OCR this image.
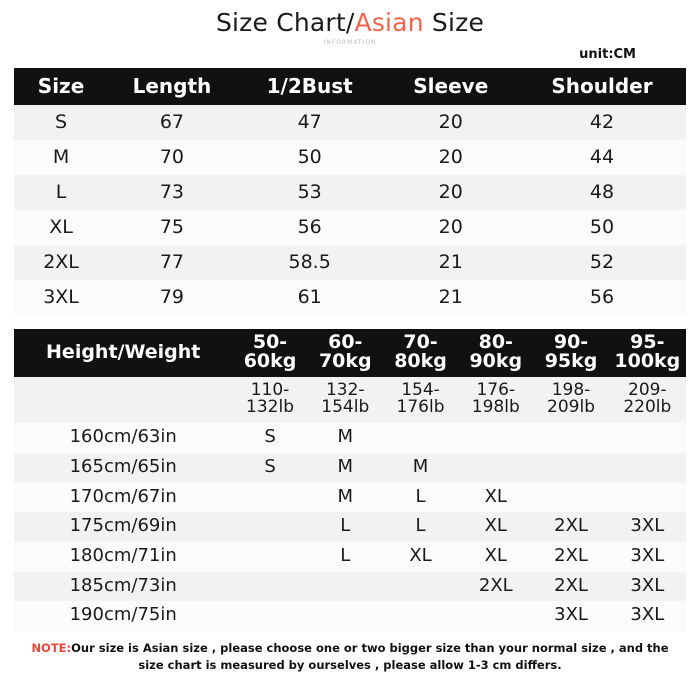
Size Chart/Asian Size
INFORMATION
unit:CM
Size	Length	1/2Bust	Sleeve	Shoulder
S	67	47	20	42
M	70	50	20	44
L	73	53	20	48
XL	75	56	20	50
2XL	77	58.5	21	52
3XL	79	61	21	56
Height/Weight	50-60kg	60-70kg	70-80kg	80-90kg	90-95kg	95-100kg
	110-132lb	132-154lb	154-176lb	176-198lb	198-209lb	209-220lb
160cm/63in	S	M				
165cm/65in	S	M	M			
170cm/67in		M	L	XL		
175cm/69in		L	L	XL	2XL	3XL
180cm/71in		L	XL	XL	2XL	3XL
185cm/73in				2XL	2XL	3XL
190cm/75in					3XL	3XL
NOTE:Our size is Asian size , please choose one or two bigger size than your normal size , and the size chart is measured by ourselves , please allow 1-3 cm differs.
